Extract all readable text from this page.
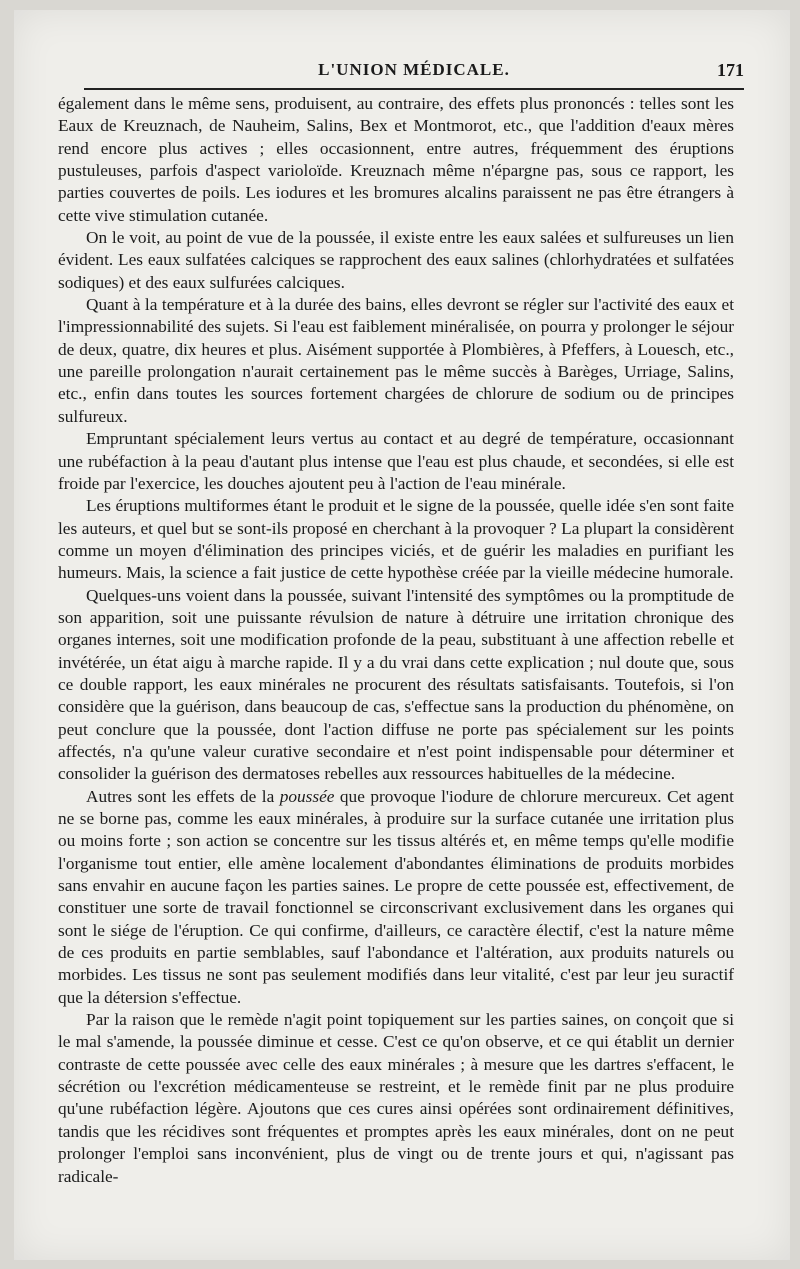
L'UNION MÉDICALE.	171

également dans le même sens, produisent, au contraire, des effets plus prononcés : telles sont les Eaux de Kreuznach, de Nauheim, Salins, Bex et Montmorot, etc., que l'addition d'eaux mères rend encore plus actives ; elles occasionnent, entre autres, fréquemment des éruptions pustuleuses, parfois d'aspect varioloïde. Kreuznach même n'épargne pas, sous ce rapport, les parties couvertes de poils. Les iodures et les bromures alcalins paraissent ne pas être étrangers à cette vive stimulation cutanée.

On le voit, au point de vue de la poussée, il existe entre les eaux salées et sulfureuses un lien évident. Les eaux sulfatées calciques se rapprochent des eaux salines (chlorhydratées et sulfatées sodiques) et des eaux sulfurées calciques.

Quant à la température et à la durée des bains, elles devront se régler sur l'activité des eaux et l'impressionnabilité des sujets. Si l'eau est faiblement minéralisée, on pourra y prolonger le séjour de deux, quatre, dix heures et plus. Aisément supportée à Plombières, à Pfeffers, à Louesch, etc., une pareille prolongation n'aurait certainement pas le même succès à Barèges, Urriage, Salins, etc., enfin dans toutes les sources fortement chargées de chlorure de sodium ou de principes sulfureux.

Empruntant spécialement leurs vertus au contact et au degré de température, occasionnant une rubéfaction à la peau d'autant plus intense que l'eau est plus chaude, et secondées, si elle est froide par l'exercice, les douches ajoutent peu à l'action de l'eau minérale.

Les éruptions multiformes étant le produit et le signe de la poussée, quelle idée s'en sont faite les auteurs, et quel but se sont-ils proposé en cherchant à la provoquer ? La plupart la considèrent comme un moyen d'élimination des principes viciés, et de guérir les maladies en purifiant les humeurs. Mais, la science a fait justice de cette hypothèse créée par la vieille médecine humorale.

Quelques-uns voient dans la poussée, suivant l'intensité des symptômes ou la promptitude de son apparition, soit une puissante révulsion de nature à détruire une irritation chronique des organes internes, soit une modification profonde de la peau, substituant à une affection rebelle et invétérée, un état aigu à marche rapide. Il y a du vrai dans cette explication ; nul doute que, sous ce double rapport, les eaux minérales ne procurent des résultats satisfaisants. Toutefois, si l'on considère que la guérison, dans beaucoup de cas, s'effectue sans la production du phénomène, on peut conclure que la poussée, dont l'action diffuse ne porte pas spécialement sur les points affectés, n'a qu'une valeur curative secondaire et n'est point indispensable pour déterminer et consolider la guérison des dermatoses rebelles aux ressources habituelles de la médecine.

Autres sont les effets de la poussée que provoque l'iodure de chlorure mercureux. Cet agent ne se borne pas, comme les eaux minérales, à produire sur la surface cutanée une irritation plus ou moins forte ; son action se concentre sur les tissus altérés et, en même temps qu'elle modifie l'organisme tout entier, elle amène localement d'abondantes éliminations de produits morbides sans envahir en aucune façon les parties saines. Le propre de cette poussée est, effectivement, de constituer une sorte de travail fonctionnel se circonscrivant exclusivement dans les organes qui sont le siége de l'éruption. Ce qui confirme, d'ailleurs, ce caractère électif, c'est la nature même de ces produits en partie semblables, sauf l'abondance et l'altération, aux produits naturels ou morbides. Les tissus ne sont pas seulement modifiés dans leur vitalité, c'est par leur jeu suractif que la détersion s'effectue.

Par la raison que le remède n'agit point topiquement sur les parties saines, on conçoit que si le mal s'amende, la poussée diminue et cesse. C'est ce qu'on observe, et ce qui établit un dernier contraste de cette poussée avec celle des eaux minérales ; à mesure que les dartres s'effacent, le sécrétion ou l'excrétion médicamenteuse se restreint, et le remède finit par ne plus produire qu'une rubéfaction légère. Ajoutons que ces cures ainsi opérées sont ordinairement définitives, tandis que les récidives sont fréquentes et promptes après les eaux minérales, dont on ne peut prolonger l'emploi sans inconvénient, plus de vingt ou de trente jours et qui, n'agissant pas radicale-
